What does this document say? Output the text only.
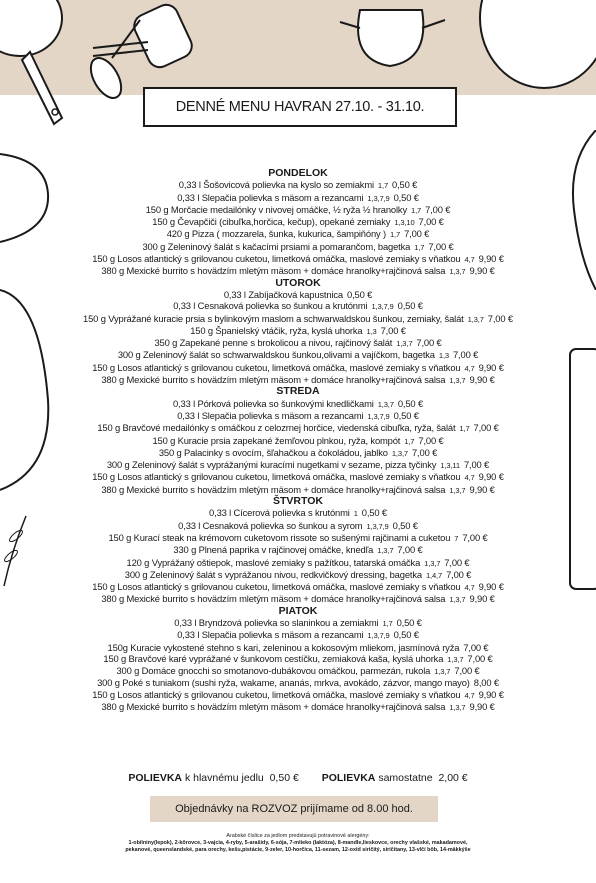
DENNÉ MENU HAVRAN 27.10. - 31.10.
PONDELOK
0,33 l Šošovicová polievka na kyslo so zemiakmi 1,7 0,50 €
0,33 l Slepačia polievka s mäsom a rezancami 1,3,7,9 0,50 €
150 g Morčacie medailónky v nivovej omáčke, ½ ryža ½ hranolky 1,7 7,00 €
150 g Čevapčiči (cibuľka,horčica, kečup), opekané zemiaky 1,3,10 7,00 €
420 g Pizza ( mozzarela, šunka, kukurica, šampiňóny ) 1,7 7,00 €
300 g Zeleninový šalát s kačacími prsiami a pomarančom, bagetka 1,7 7,00 €
150 g Losos atlantický s grilovanou cuketou, limetková omáčka, maslové zemiaky s vňatkou 4,7 9,90 €
380 g Mexické burrito s hovädzím mletým mäsom + domáce hranolky+rajčinová salsa 1,3,7 9,90 €
UTOROK
0,33 l Zabíjačková kapustnica 0,50 €
0,33 l Cesnaková polievka so šunkou a krutónmi 1,3,7,9 0,50 €
150 g Vyprážané kuracie prsia s bylinkovým maslom a schwarwaldskou šunkou, zemiaky, šalát 1,3,7 7,00 €
150 g Španielský vtáčik, ryža, kyslá uhorka 1,3 7,00 €
350 g Zapekané penne s brokolicou a nivou, rajčinový šalát 1,3,7 7,00 €
300 g Zeleninový šalát so schwarwaldskou šunkou,olivami a vajíčkom, bagetka 1,3 7,00 €
150 g Losos atlantický s grilovanou cuketou, limetková omáčka, maslové zemiaky s vňatkou 4,7 9,90 €
380 g Mexické burrito s hovädzím mletým mäsom + domáce hranolky+rajčinová salsa 1,3,7 9,90 €
STREDA
0,33 l Pórková polievka so šunkovými knedličkami 1,3,7 0,50 €
0,33 l Slepačia polievka s mäsom a rezancami 1,3,7,9 0,50 €
150 g Bravčové medailónky s omáčkou z celozrnej horčice, viedenská cibuľka, ryža, šalát 1,7 7,00 €
150 g Kuracie prsia zapekané žemľovou plnkou, ryža, kompót 1,7 7,00 €
350 g Palacinky s ovocím, šľahačkou a čokoládou, jablko 1,3,7 7,00 €
300 g Zeleninový šalát s vyprážanými kuracími nugetkami v sezame, pizza tyčinky 1,3,11 7,00 €
150 g Losos atlantický s grilovanou cuketou, limetková omáčka, maslové zemiaky s vňatkou 4,7 9,90 €
380 g Mexické burrito s hovädzím mletým mäsom + domáce hranolky+rajčinová salsa 1,3,7 9,90 €
ŠTVRTOK
0,33 l Cícerová polievka s krutónmi 1 0,50 €
0,33 l Cesnaková polievka so šunkou a syrom 1,3,7,9 0,50 €
150 g Kurací steak na krémovom cuketovom rissote so sušenými rajčinami a cuketou 7 7,00 €
330 g Plnená paprika v rajčinovej omáčke, knedľa 1,3,7 7,00 €
120 g Vyprážaný oštiepok, maslové zemiaky s pažítkou, tatarská omáčka 1,3,7 7,00 €
300 g Zeleninový šalát s vyprážanou nivou, redkvičkový dressing, bagetka 1,4,7 7,00 €
150 g Losos atlantický s grilovanou cuketou, limetková omáčka, maslové zemiaky s vňatkou 4,7 9,90 €
380 g Mexické burrito s hovädzím mletým mäsom + domáce hranolky+rajčinová salsa 1,3,7 9,90 €
PIATOK
0,33 l Bryndzová polievka so slaninkou a zemiakmi 1,7 0,50 €
0,33 l Slepačia polievka s mäsom a rezancami 1,3,7,9 0,50 €
150g Kuracie vykostené stehno s kari, zeleninou a kokosovým mliekom, jasmínová ryža 7,00 €
150 g Bravčové karé vyprážané v šunkovom cestíčku, zemiaková kaša, kyslá uhorka 1,3,7 7,00 €
300 g Domáce gnocchi so smotanovo-dubákovou omáčkou, parmezán, rukola 1,3,7 7,00 €
300 g Poké s tuniakom (sushi ryža, wakame, ananás, mrkva, avokádo, zázvor, mango mayo) 8,00 €
150 g Losos atlantický s grilovanou cuketou, limetková omáčka, maslové zemiaky s vňatkou 4,7 9,90 €
380 g Mexické burrito s hovädzím mletým mäsom + domáce hranolky+rajčinová salsa 1,3,7 9,90 €
POLIEVKA k hlavnému jedlu 0,50 € POLIEVKA samostatne 2,00 €
Objednávky na ROZVOZ prijímame od 8.00 hod.
Arabské číslice za jedlom predstavujú potravinové alergény:
1-obilniny(lepok), 2-kôrovce, 3-vajcia, 4-ryby, 5-arašidy, 6-sója, 7-mlieko (laktóza), 8-mandle,lieskovce, orechy vlašské, makadamové,
pekanové, queenslandské, para orechy, kešu,pistácie, 9-zeler, 10-horčica, 11-sezam, 12-oxid siričitý, siričitany, 13-vlčí bôb, 14-mäkkýše
